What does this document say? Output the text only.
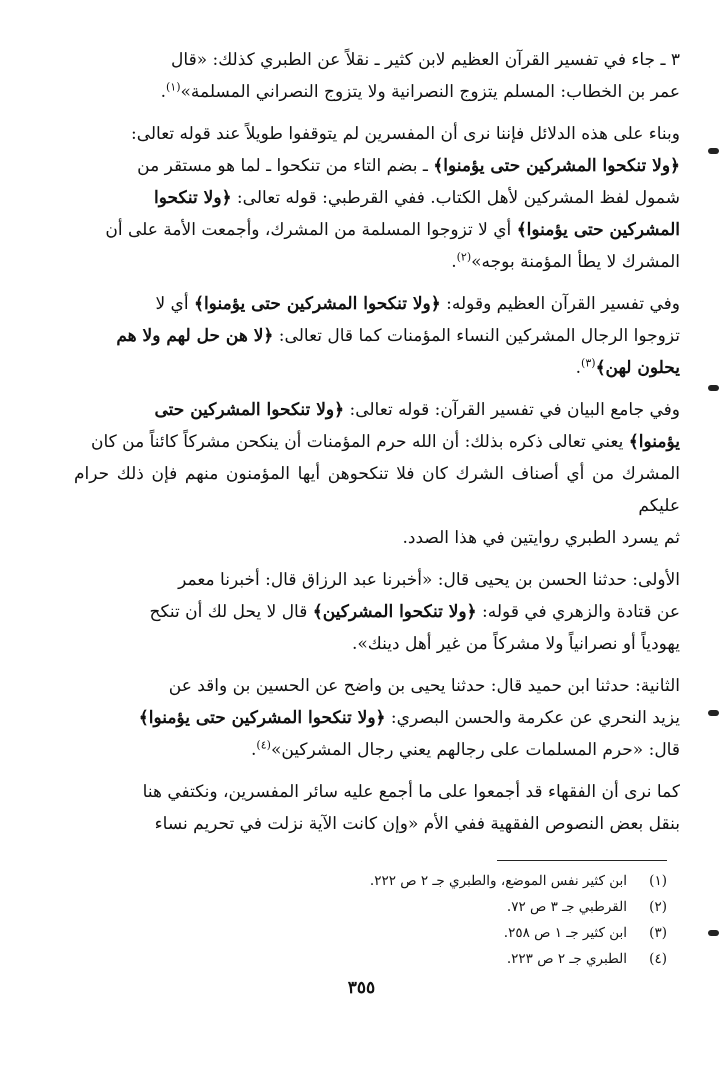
٣ ـ جاء في تفسير القرآن العظيم لابن كثير ـ نقلاً عن الطبري كذلك: «قال

عمر بن الخطاب: المسلم يتزوج النصرانية ولا يتزوج النصراني المسلمة»$^{(١)}$.

وبناء على هذه الدلائل فإننا نرى أن المفسرين لم يتوقفوا طويلاً عند قوله تعالى:

﴿ولا تنكحوا المشركين حتى يؤمنوا﴾ ـ بضم التاء من تنكحوا ـ لما هو مستقر من

شمول لفظ المشركين لأهل الكتاب. ففي القرطبي: قوله تعالى: ﴿ولا تنكحوا

المشركين حتى يؤمنوا﴾ أي لا تزوجوا المسلمة من المشرك، وأجمعت الأمة على أن

المشرك لا يطأ المؤمنة بوجه»$^{(٢)}$.

وفي تفسير القرآن العظيم وقوله: ﴿ولا تنكحوا المشركين حتى يؤمنوا﴾ أي لا

تزوجوا الرجال المشركين النساء المؤمنات كما قال تعالى: ﴿لا هن حل لهم ولا هم

يحلون لهن﴾$^{(٣)}$.

وفي جامع البيان في تفسير القرآن: قوله تعالى: ﴿ولا تنكحوا المشركين حتى

يؤمنوا﴾ يعني تعالى ذكره بذلك: أن الله حرم المؤمنات أن ينكحن مشركاً كائناً من كان

المشرك من أي أصناف الشرك كان فلا تنكحوهن أيها المؤمنون منهم فإن ذلك حرام عليكم

ثم يسرد الطبري روايتين في هذا الصدد.

الأولى: حدثنا الحسن بن يحيى قال: «أخبرنا عبد الرزاق قال: أخبرنا معمر

عن قتادة والزهري في قوله: ﴿ولا تنكحوا المشركين﴾ قال لا يحل لك أن تنكح

يهودياً أو نصرانياً ولا مشركاً من غير أهل دينك».

الثانية: حدثنا ابن حميد قال: حدثنا يحيى بن واضح عن الحسين بن واقد عن

يزيد النحري عن عكرمة والحسن البصري: ﴿ولا تنكحوا المشركين حتى يؤمنوا﴾

قال: «حرم المسلمات على رجالهم يعني رجال المشركين»$^{(٤)}$.

كما نرى أن الفقهاء قد أجمعوا على ما أجمع عليه سائر المفسرين، ونكتفي هنا

بنقل بعض النصوص الفقهية ففي الأم «وإن كانت الآية نزلت في تحريم نساء

(١)ابن كثير نفس الموضع، والطبري جـ ٢ ص ٢٢٢.
(٢)القرطبي جـ ٣ ص ٧٢.
(٣)ابن كثير جـ ١ ص ٢٥٨.
(٤)الطبري جـ ٢ ص ٢٢٣.
٣٥٥
